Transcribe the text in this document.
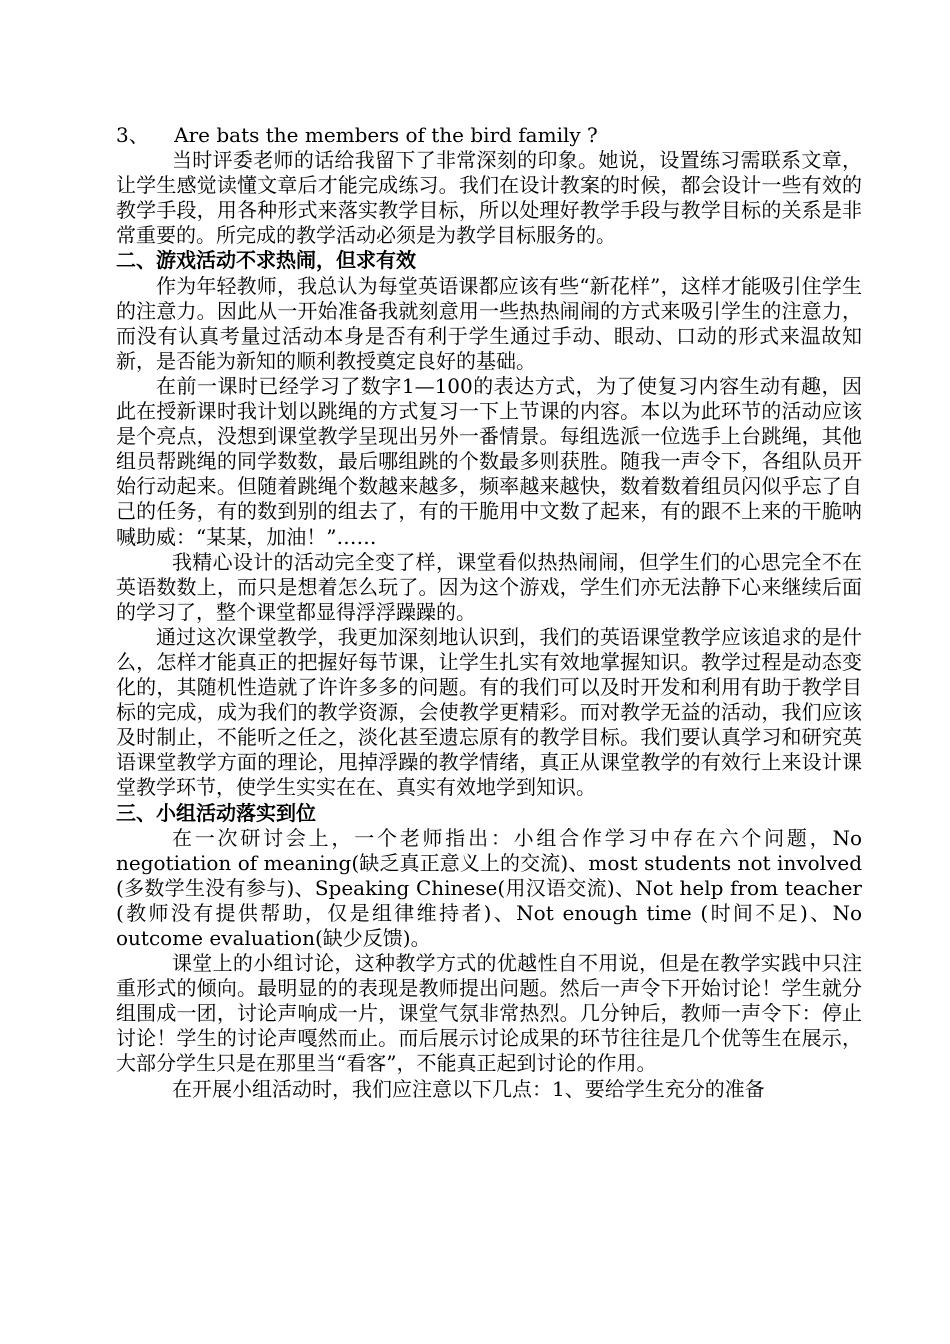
3、 Are bats the members of the bird family ?

当时评委老师的话给我留下了非常深刻的印象。她说，设置练习需联系文章，让学生感觉读懂文章后才能完成练习。我们在设计教案的时候，都会设计一些有效的教学手段，用各种形式来落实教学目标，所以处理好教学手段与教学目标的关系是非常重要的。所完成的教学活动必须是为教学目标服务的。

二、游戏活动不求热闹，但求有效

作为年轻教师，我总认为每堂英语课都应该有些“新花样”，这样才能吸引住学生的注意力。因此从一开始准备我就刻意用一些热热闹闹的方式来吸引学生的注意力，而没有认真考量过活动本身是否有利于学生通过手动、眼动、口动的形式来温故知新，是否能为新知的顺利教授奠定良好的基础。

在前一课时已经学习了数字1—100的表达方式，为了使复习内容生动有趣，因此在授新课时我计划以跳绳的方式复习一下上节课的内容。本以为此环节的活动应该是个亮点，没想到课堂教学呈现出另外一番情景。每组选派一位选手上台跳绳，其他组员帮跳绳的同学数数，最后哪组跳的个数最多则获胜。随我一声令下，各组队员开始行动起来。但随着跳绳个数越来越多，频率越来越快，数着数着组员闪似乎忘了自己的任务，有的数到别的组去了，有的干脆用中文数了起来，有的跟不上来的干脆呐喊助威：“某某，加油！”……

我精心设计的活动完全变了样，课堂看似热热闹闹，但学生们的心思完全不在英语数数上，而只是想着怎么玩了。因为这个游戏，学生们亦无法静下心来继续后面的学习了，整个课堂都显得浮浮躁躁的。

通过这次课堂教学，我更加深刻地认识到，我们的英语课堂教学应该追求的是什么，怎样才能真正的把握好每节课，让学生扎实有效地掌握知识。教学过程是动态变化的，其随机性造就了许许多多的问题。有的我们可以及时开发和利用有助于教学目标的完成，成为我们的教学资源，会使教学更精彩。而对教学无益的活动，我们应该及时制止，不能听之任之，淡化甚至遗忘原有的教学目标。我们要认真学习和研究英语课堂教学方面的理论，甩掉浮躁的教学情绪，真正从课堂教学的有效行上来设计课堂教学环节，使学生实实在在、真实有效地学到知识。

三、小组活动落实到位

在一次研讨会上，一个老师指出：小组合作学习中存在六个问题，No negotiation of meaning(缺乏真正意义上的交流)、most students not involved (多数学生没有参与)、Speaking Chinese(用汉语交流)、Not help from teacher (教师没有提供帮助，仅是组律维持者)、Not enough time (时间不足)、No outcome evaluation(缺少反馈)。

课堂上的小组讨论，这种教学方式的优越性自不用说，但是在教学实践中只注重形式的倾向。最明显的的表现是教师提出问题。然后一声令下开始讨论！学生就分组围成一团，讨论声响成一片，课堂气氛非常热烈。几分钟后，教师一声令下：停止讨论！学生的讨论声嘎然而止。而后展示讨论成果的环节往往是几个优等生在展示，大部分学生只是在那里当“看客”，不能真正起到讨论的作用。

在开展小组活动时，我们应注意以下几点：1、要给学生充分的准备
